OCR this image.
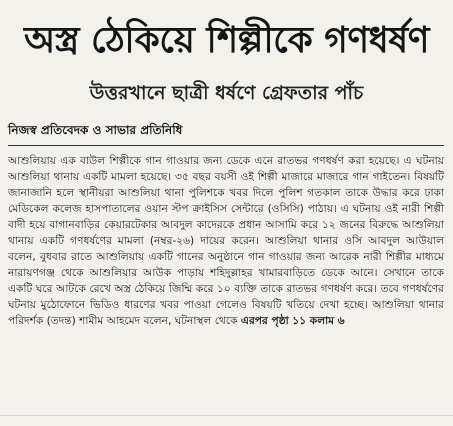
অস্ত্র ঠেকিয়ে শিল্পীকে গণধর্ষণ
উত্তরখানে ছাত্রী ধর্ষণে গ্রেফতার পাঁচ
নিজস্ব প্রতিবেদক ও সাভার প্রতিনিধি
আশুলিয়ায় এক বাউল শিল্পীকে গান গাওয়ার জন্য ডেকে এনে রাতভর গণধর্ষণ করা হয়েছে। এ ঘটনায় আশুলিয়া থানায় একটি মামলা হয়েছে। ৩৫ বছর বয়সী ওই শিল্পী মাজারে মাজারে গান গাইতেন। বিষয়টি জানাজানি হলে স্থানীয়রা আশুলিয়া থানা পুলিশকে খবর দিলে পুলিশ গতকাল তাকে উদ্ধার করে ঢাকা মেডিকেল কলেজ হাসপাতালের ওয়ান স্টপ ক্রাইসিস সেন্টারে (ওসিসি) পাঠায়। এ ঘটনায় ওই নারী শিল্পী বাদী হয়ে বাগানবাড়ির কেয়ারটেকার আবদুল কাদেরকে প্রধান আসামি করে ১২ জনের বিরুদ্ধে আশুলিয়া থানায় একটি গণধর্ষণের মামলা (নম্বর-২৬) দায়ের করেন। আশুলিয়া থানার ওসি আবদুল আউয়াল বলেন, বুধবার রাতে আশুলিয়ায় একটি গানের অনুষ্ঠানে গান গাওয়ার জন্য আরেক নারী শিল্পীর মাধ্যমে নারায়ণগঞ্জ থেকে আশুলিয়ার আউক পাড়ায় শহিদুল্লাহর খামারবাড়িতে ডেকে আনে। সেখানে তাকে একটি ঘরে আটকে রেখে অস্ত্র ঠেকিয়ে জিম্মি করে ১০ ব্যক্তি তাকে রাতভর গণধর্ষণ করে। তবে গণধর্ষণের ঘটনায় মুঠোফোনে ভিডিও ধারণের খবর পাওয়া গেলেও বিষয়টি খতিয়ে দেখা হচ্ছে। আশুলিয়া থানার পরিদর্শক (তদন্ত) শামীম আহমেদ বলেন, ঘটনাস্থল থেকে এরপর পৃষ্ঠা ১১ কলাম ৬
